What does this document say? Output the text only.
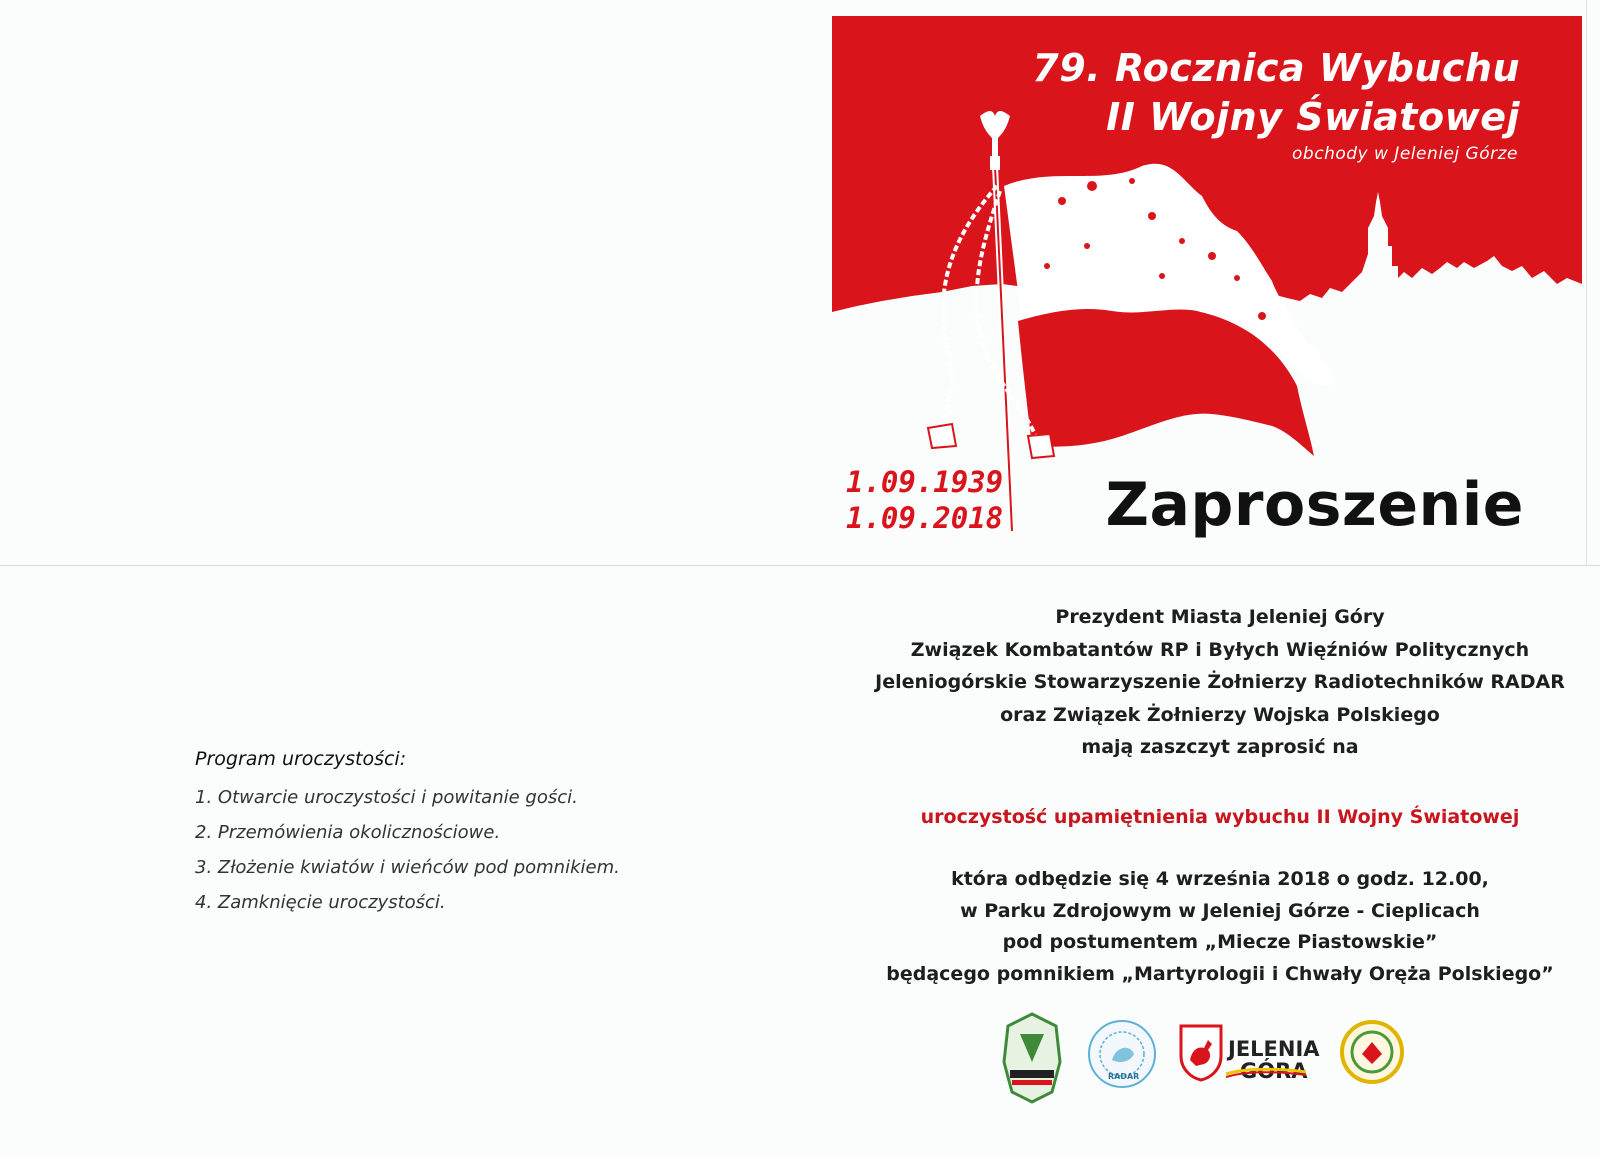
79. Rocznica Wybuchu
II Wojny Światowej
obchody w Jeleniej Górze
1.09.1939
1.09.2018 Zaproszenie
Program uroczystości:
1. Otwarcie uroczystości i powitanie gości.
2. Przemówienia okolicznościowe.
3. Złożenie kwiatów i wieńców pod pomnikiem.
4. Zamknięcie uroczystości.
Prezydent Miasta Jeleniej Góry
Związek Kombatantów RP i Byłych Więźniów Politycznych
Jeleniogórskie Stowarzyszenie Żołnierzy Radiotechników RADAR
oraz Związek Żołnierzy Wojska Polskiego
mają zaszczyt zaprosić na
uroczystość upamiętnienia wybuchu II Wojny Światowej
która odbędzie się 4 września 2018 o godz. 12.00,
w Parku Zdrojowym w Jeleniej Górze - Cieplicach
pod postumentem „Miecze Piastowskie”
będącego pomnikiem „Martyrologii i Chwały Oręża Polskiego”
RADAR
JELENIA
GÓRA
